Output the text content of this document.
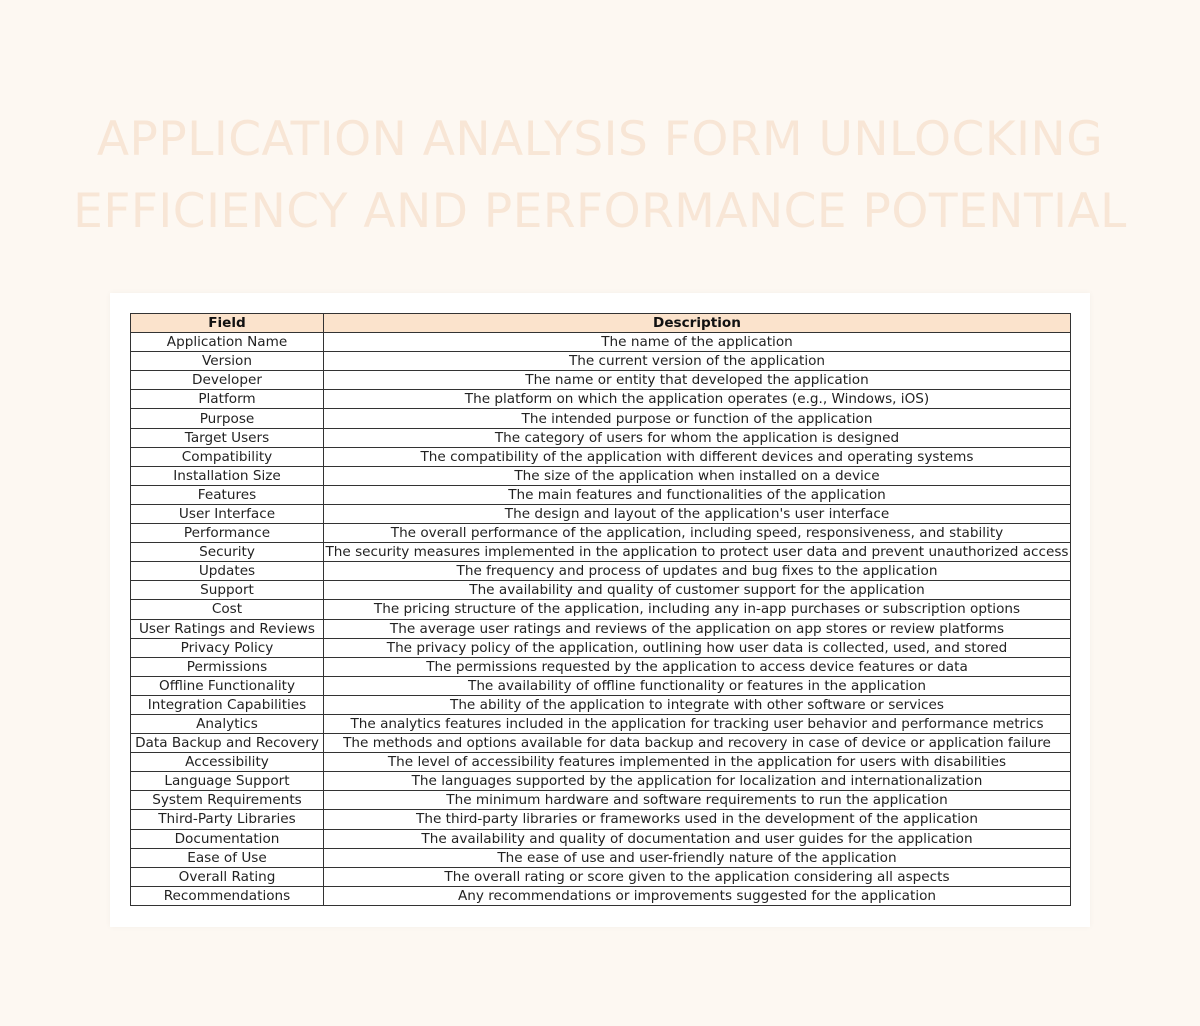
APPLICATION ANALYSIS FORM UNLOCKING
EFFICIENCY AND PERFORMANCE POTENTIAL
Field	Description
Application Name	The name of the application
Version	The current version of the application
Developer	The name or entity that developed the application
Platform	The platform on which the application operates (e.g., Windows, iOS)
Purpose	The intended purpose or function of the application
Target Users	The category of users for whom the application is designed
Compatibility	The compatibility of the application with different devices and operating systems
Installation Size	The size of the application when installed on a device
Features	The main features and functionalities of the application
User Interface	The design and layout of the application's user interface
Performance	The overall performance of the application, including speed, responsiveness, and stability
Security	The security measures implemented in the application to protect user data and prevent unauthorized access
Updates	The frequency and process of updates and bug fixes to the application
Support	The availability and quality of customer support for the application
Cost	The pricing structure of the application, including any in-app purchases or subscription options
User Ratings and Reviews	The average user ratings and reviews of the application on app stores or review platforms
Privacy Policy	The privacy policy of the application, outlining how user data is collected, used, and stored
Permissions	The permissions requested by the application to access device features or data
Offline Functionality	The availability of offline functionality or features in the application
Integration Capabilities	The ability of the application to integrate with other software or services
Analytics	The analytics features included in the application for tracking user behavior and performance metrics
Data Backup and Recovery	The methods and options available for data backup and recovery in case of device or application failure
Accessibility	The level of accessibility features implemented in the application for users with disabilities
Language Support	The languages supported by the application for localization and internationalization
System Requirements	The minimum hardware and software requirements to run the application
Third-Party Libraries	The third-party libraries or frameworks used in the development of the application
Documentation	The availability and quality of documentation and user guides for the application
Ease of Use	The ease of use and user-friendly nature of the application
Overall Rating	The overall rating or score given to the application considering all aspects
Recommendations	Any recommendations or improvements suggested for the application
